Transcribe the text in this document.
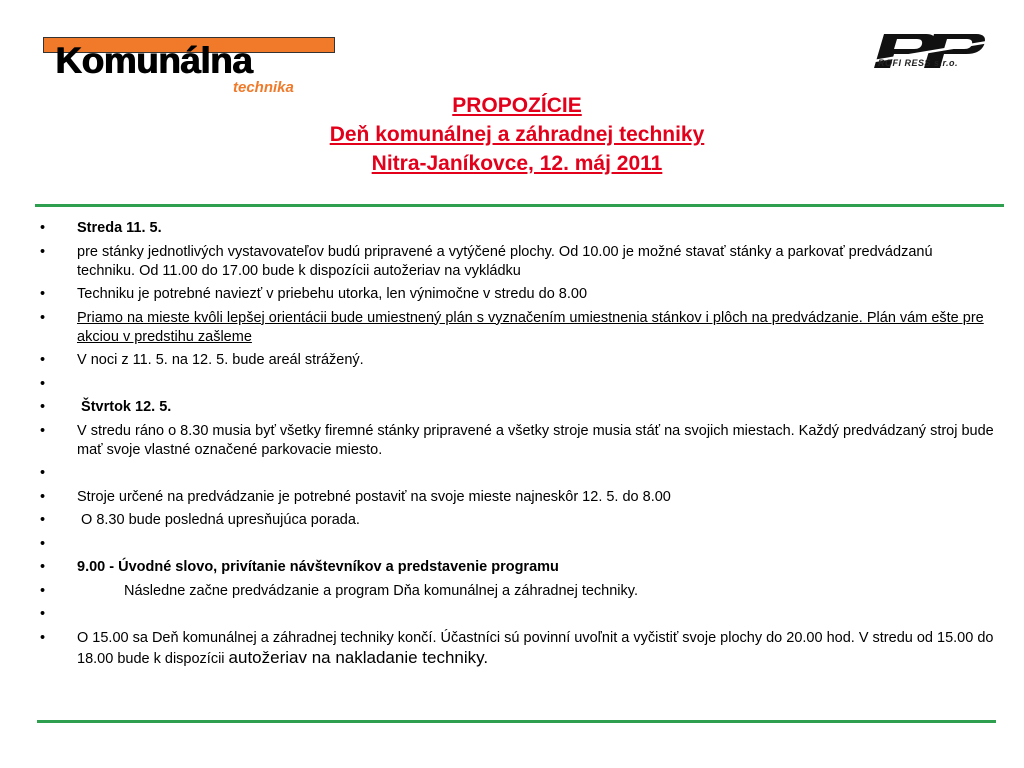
Komunálna
technika
ROFI RESS s.r.o.
PROPOZÍCIE
Deň komunálnej a záhradnej techniky
Nitra-Janíkovce, 12. máj 2011
• Streda 11. 5.
• pre stánky jednotlivých vystavovateľov budú pripravené a vytýčené plochy. Od 10.00 je možné stavať stánky a parkovať predvádzanú techniku. Od 11.00 do 17.00 bude k dispozícii autožeriav na vykládku
• Techniku je potrebné naviezť v priebehu utorka, len výnimočne v stredu do 8.00
• Priamo na mieste kvôli lepšej orientácii bude umiestnený plán s vyznačením umiestnenia stánkov i plôch na predvádzanie. Plán vám ešte pre akciou v predstihu zašleme
• V noci z 11. 5. na 12. 5. bude areál strážený.
•
•  Štvrtok 12. 5.
• V stredu ráno o 8.30 musia byť všetky firemné stánky pripravené a všetky stroje musia stáť na svojich miestach. Každý predvádzaný stroj bude mať svoje vlastné označené parkovacie miesto.
•
• Stroje určené na predvádzanie je potrebné postaviť na svoje mieste najneskôr 12. 5. do 8.00
•  O 8.30 bude posledná upresňujúca porada.
•
• 9.00 - Úvodné slovo, privítanie návštevníkov a predstavenie programu
• Následne začne predvádzanie a program Dňa komunálnej a záhradnej techniky.
•
• O 15.00 sa Deň komunálnej a záhradnej techniky končí. Účastníci sú povinní uvoľnit a vyčistiť svoje plochy do 20.00 hod. V stredu od 15.00 do 18.00 bude k dispozícii autožeriav na nakladanie techniky.
